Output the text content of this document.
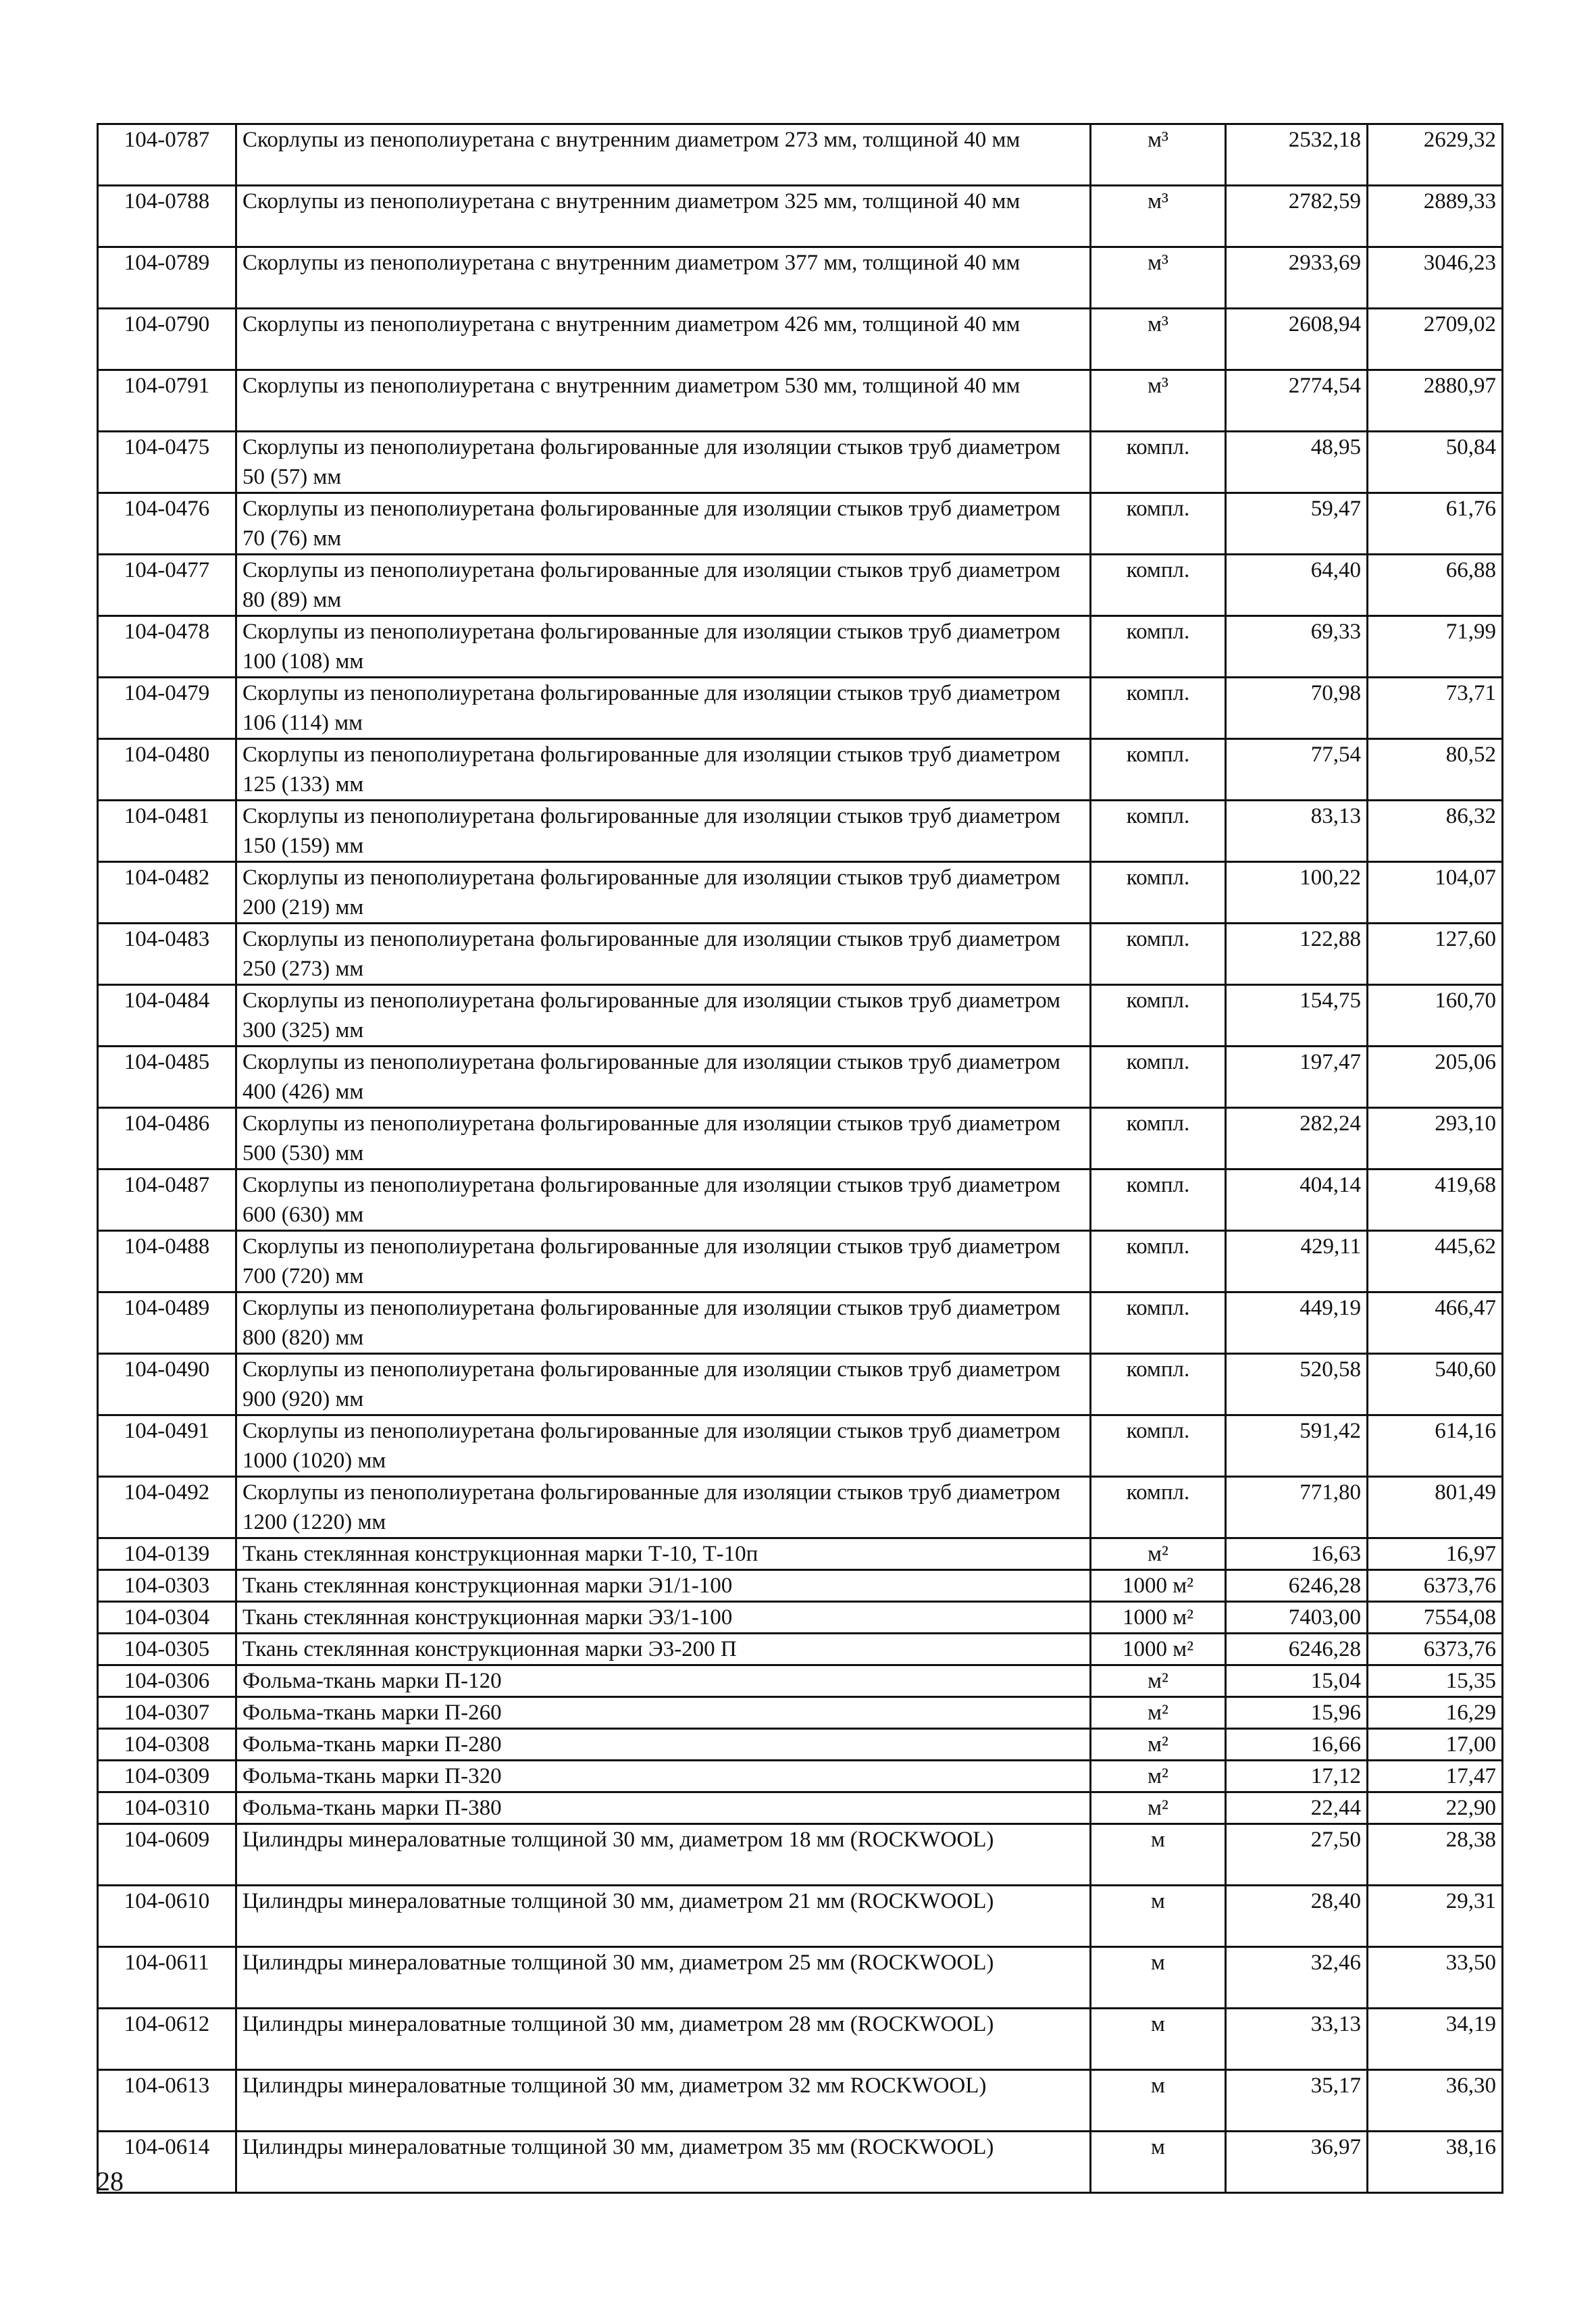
104-0787	Скорлупы из пенополиуретана с внутренним диаметром 273 мм, толщиной 40 мм	м³	2532,18	2629,32
104-0788	Скорлупы из пенополиуретана с внутренним диаметром 325 мм, толщиной 40 мм	м³	2782,59	2889,33
104-0789	Скорлупы из пенополиуретана с внутренним диаметром 377 мм, толщиной 40 мм	м³	2933,69	3046,23
104-0790	Скорлупы из пенополиуретана с внутренним диаметром 426 мм, толщиной 40 мм	м³	2608,94	2709,02
104-0791	Скорлупы из пенополиуретана с внутренним диаметром 530 мм, толщиной 40 мм	м³	2774,54	2880,97
104-0475	Скорлупы из пенополиуретана фольгированные для изоляции стыков труб диаметром 50 (57) мм	компл.	48,95	50,84
104-0476	Скорлупы из пенополиуретана фольгированные для изоляции стыков труб диаметром 70 (76) мм	компл.	59,47	61,76
104-0477	Скорлупы из пенополиуретана фольгированные для изоляции стыков труб диаметром 80 (89) мм	компл.	64,40	66,88
104-0478	Скорлупы из пенополиуретана фольгированные для изоляции стыков труб диаметром 100 (108) мм	компл.	69,33	71,99
104-0479	Скорлупы из пенополиуретана фольгированные для изоляции стыков труб диаметром 106 (114) мм	компл.	70,98	73,71
104-0480	Скорлупы из пенополиуретана фольгированные для изоляции стыков труб диаметром 125 (133) мм	компл.	77,54	80,52
104-0481	Скорлупы из пенополиуретана фольгированные для изоляции стыков труб диаметром 150 (159) мм	компл.	83,13	86,32
104-0482	Скорлупы из пенополиуретана фольгированные для изоляции стыков труб диаметром 200 (219) мм	компл.	100,22	104,07
104-0483	Скорлупы из пенополиуретана фольгированные для изоляции стыков труб диаметром 250 (273) мм	компл.	122,88	127,60
104-0484	Скорлупы из пенополиуретана фольгированные для изоляции стыков труб диаметром 300 (325) мм	компл.	154,75	160,70
104-0485	Скорлупы из пенополиуретана фольгированные для изоляции стыков труб диаметром 400 (426) мм	компл.	197,47	205,06
104-0486	Скорлупы из пенополиуретана фольгированные для изоляции стыков труб диаметром 500 (530) мм	компл.	282,24	293,10
104-0487	Скорлупы из пенополиуретана фольгированные для изоляции стыков труб диаметром 600 (630) мм	компл.	404,14	419,68
104-0488	Скорлупы из пенополиуретана фольгированные для изоляции стыков труб диаметром 700 (720) мм	компл.	429,11	445,62
104-0489	Скорлупы из пенополиуретана фольгированные для изоляции стыков труб диаметром 800 (820) мм	компл.	449,19	466,47
104-0490	Скорлупы из пенополиуретана фольгированные для изоляции стыков труб диаметром 900 (920) мм	компл.	520,58	540,60
104-0491	Скорлупы из пенополиуретана фольгированные для изоляции стыков труб диаметром 1000 (1020) мм	компл.	591,42	614,16
104-0492	Скорлупы из пенополиуретана фольгированные для изоляции стыков труб диаметром 1200 (1220) мм	компл.	771,80	801,49
104-0139	Ткань стеклянная конструкционная марки Т-10, Т-10п	м²	16,63	16,97
104-0303	Ткань стеклянная конструкционная марки Э1/1-100	1000 м²	6246,28	6373,76
104-0304	Ткань стеклянная конструкционная марки Э3/1-100	1000 м²	7403,00	7554,08
104-0305	Ткань стеклянная конструкционная марки Э3-200 П	1000 м²	6246,28	6373,76
104-0306	Фольма-ткань марки П-120	м²	15,04	15,35
104-0307	Фольма-ткань марки П-260	м²	15,96	16,29
104-0308	Фольма-ткань марки П-280	м²	16,66	17,00
104-0309	Фольма-ткань марки П-320	м²	17,12	17,47
104-0310	Фольма-ткань марки П-380	м²	22,44	22,90
104-0609	Цилиндры минераловатные толщиной 30 мм, диаметром 18 мм (ROCKWOOL)	м	27,50	28,38
104-0610	Цилиндры минераловатные толщиной 30 мм, диаметром 21 мм (ROCKWOOL)	м	28,40	29,31
104-0611	Цилиндры минераловатные толщиной 30 мм, диаметром 25 мм (ROCKWOOL)	м	32,46	33,50
104-0612	Цилиндры минераловатные толщиной 30 мм, диаметром 28 мм (ROCKWOOL)	м	33,13	34,19
104-0613	Цилиндры минераловатные толщиной 30 мм, диаметром 32 мм ROCKWOOL)	м	35,17	36,30
104-0614	Цилиндры минераловатные толщиной 30 мм, диаметром 35 мм (ROCKWOOL)	м	36,97	38,16
28
